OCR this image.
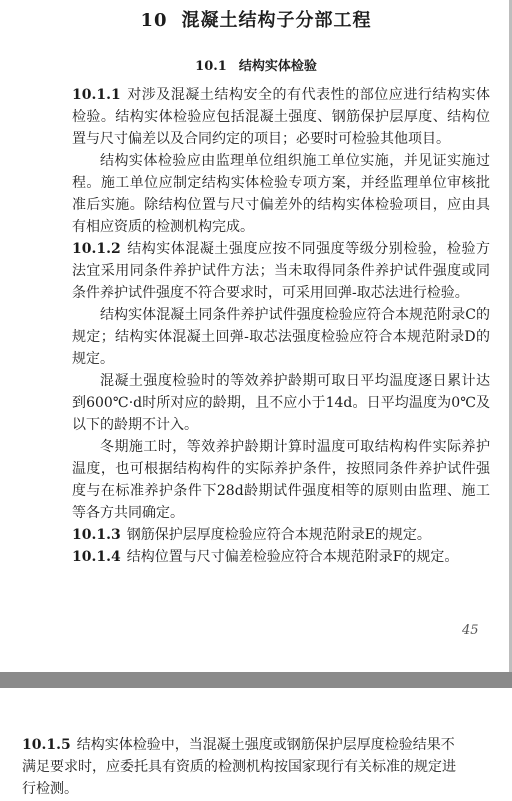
10 混凝土结构子分部工程
10.1 结构实体检验

10.1.1 对涉及混凝土结构安全的有代表性的部位应进行结构实体检验。结构实体检验应包括混凝土强度、钢筋保护层厚度、结构位置与尺寸偏差以及合同约定的项目；必要时可检验其他项目。

结构实体检验应由监理单位组织施工单位实施，并见证实施过程。施工单位应制定结构实体检验专项方案，并经监理单位审核批准后实施。除结构位置与尺寸偏差外的结构实体检验项目，应由具有相应资质的检测机构完成。

10.1.2 结构实体混凝土强度应按不同强度等级分别检验，检验方法宜采用同条件养护试件方法；当未取得同条件养护试件强度或同条件养护试件强度不符合要求时，可采用回弹-取芯法进行检验。

结构实体混凝土同条件养护试件强度检验应符合本规范附录C的规定；结构实体混凝土回弹-取芯法强度检验应符合本规范附录D的规定。

混凝土强度检验时的等效养护龄期可取日平均温度逐日累计达到600℃·d时所对应的龄期，且不应小于14d。日平均温度为0℃及以下的龄期不计入。

冬期施工时，等效养护龄期计算时温度可取结构构件实际养护温度，也可根据结构构件的实际养护条件，按照同条件养护试件强度与在标准养护条件下28d龄期试件强度相等的原则由监理、施工等各方共同确定。

10.1.3 钢筋保护层厚度检验应符合本规范附录E的规定。

10.1.4 结构位置与尺寸偏差检验应符合本规范附录F的规定。

45

10.1.5 结构实体检验中，当混凝土强度或钢筋保护层厚度检验结果不满足要求时，应委托具有资质的检测机构按国家现行有关标准的规定进行检测。
